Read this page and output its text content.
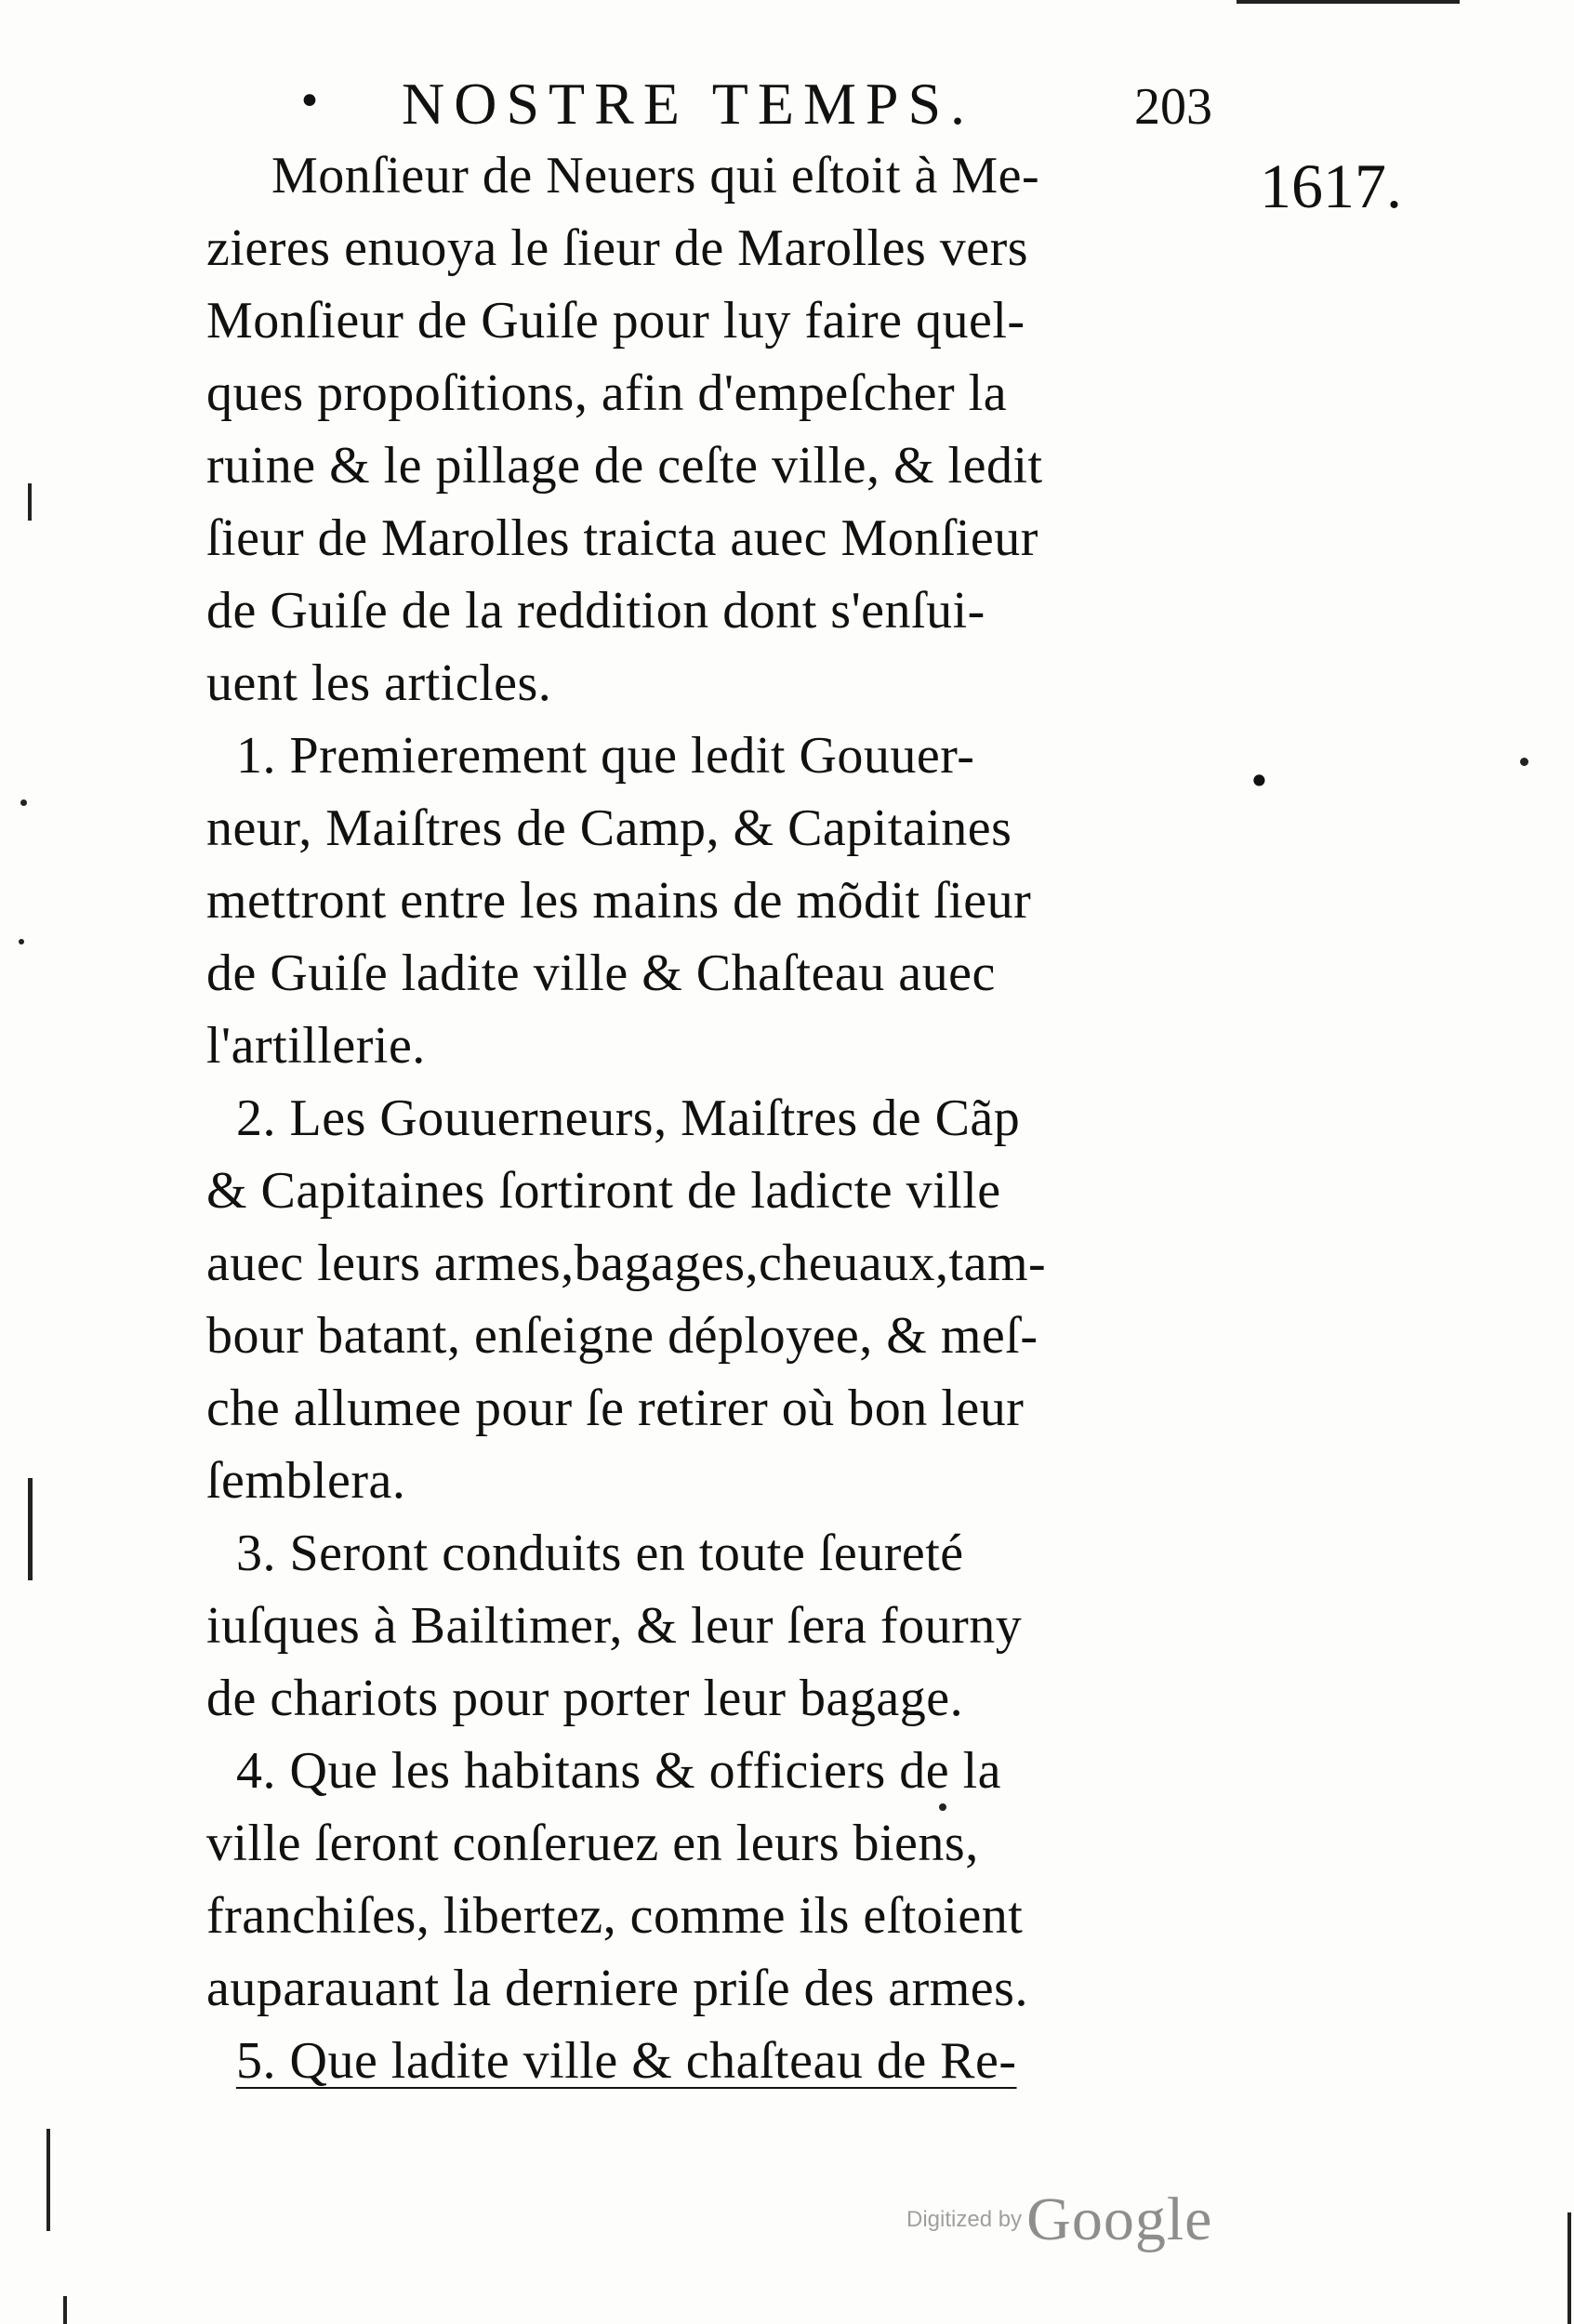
• NOSTRE TEMPS.	203
1617.
•
Monſieur de Neuers qui eſtoit à Me-
zieres enuoya le ſieur de Marolles vers
Monſieur de Guiſe pour luy faire quel-
ques propoſitions, afin d'empeſcher la
ruine & le pillage de ceſte ville, & ledit
ſieur de Marolles traicta auec Monſieur
de Guiſe de la reddition dont s'enſui-
uent les articles.
1. Premierement que ledit Gouuer-
neur, Maiſtres de Camp, & Capitaines
mettront entre les mains de mõdit ſieur
de Guiſe ladite ville & Chaſteau auec
l'artillerie.
2. Les Gouuerneurs, Maiſtres de Cãp
& Capitaines ſortiront de ladicte ville
auec leurs armes,bagages,cheuaux,tam-
bour batant, enſeigne déployee, & meſ-
che allumee pour ſe retirer où bon leur
ſemblera.
3. Seront conduits en toute ſeureté
iuſques à Bailtimer, & leur ſera fourny
de chariots pour porter leur bagage.
4. Que les habitans & officiers de la
ville ſeront conſeruez en leurs biens,
franchiſes, libertez, comme ils eſtoient
auparauant la derniere priſe des armes.
5. Que ladite ville & chaſteau de Re-
Digitized by Google
